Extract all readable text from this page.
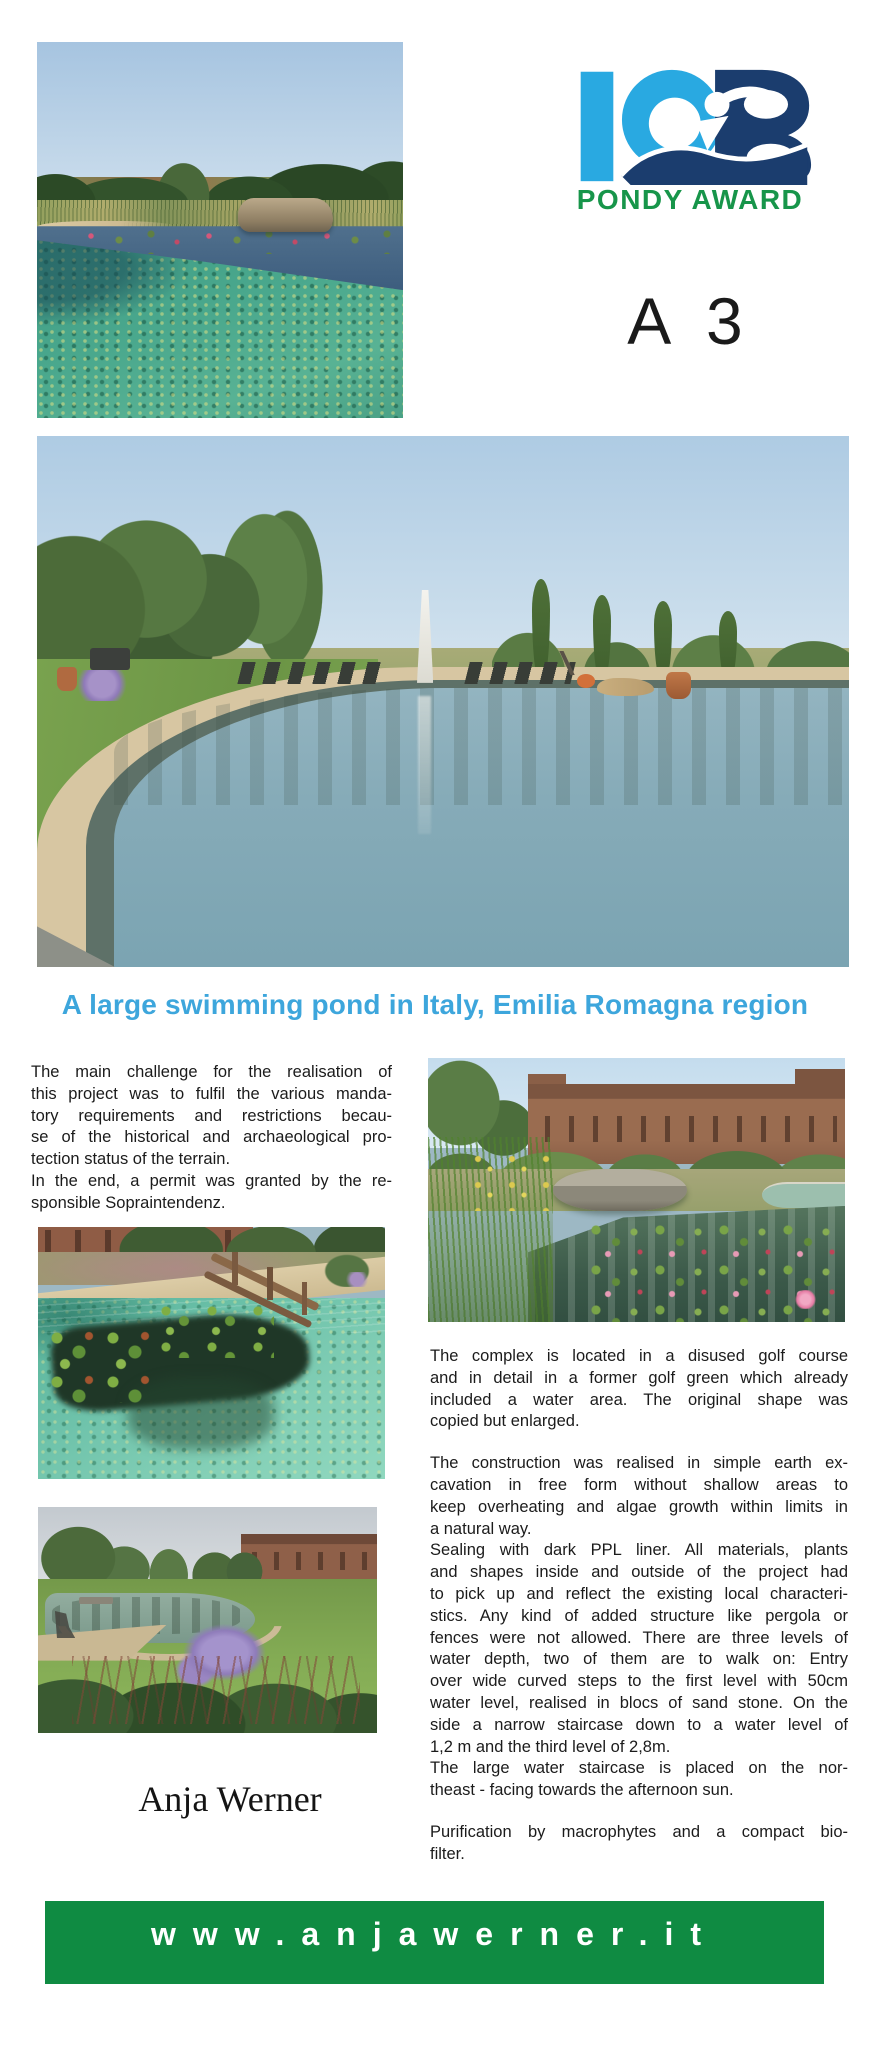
PONDY AWARD
A 3
A large swimming pond in Italy, Emilia Romagna region
The main challenge for the realisation of
this project was to fulfil the various manda-
tory requirements and restrictions becau-
se of the historical and archaeological pro-
tection status of the terrain.
In the end, a permit was granted by the re-
sponsible Sopraintendenz.
Anja Werner
The complex is located in a disused golf course
and in detail in a former golf green which already
included a water area. The original shape was
copied but enlarged.
The construction was realised in simple earth ex-
cavation in free form without shallow areas to
keep overheating and algae growth within limits in
a natural way.
Sealing with dark PPL liner. All materials, plants
and shapes inside and outside of the project had
to pick up and reflect the existing local characteri-
stics. Any kind of added structure like pergola or
fences were not allowed. There are three levels of
water depth, two of them are to walk on: Entry
over wide curved steps to the first level with 50cm
water level, realised in blocs of sand stone. On the
side a narrow staircase down to a water level of
1,2 m and the third level of 2,8m.
The large water staircase is placed on the nor-
theast - facing towards the afternoon sun.
Purification by macrophytes and a compact bio-
filter.
www.anjawerner.it
